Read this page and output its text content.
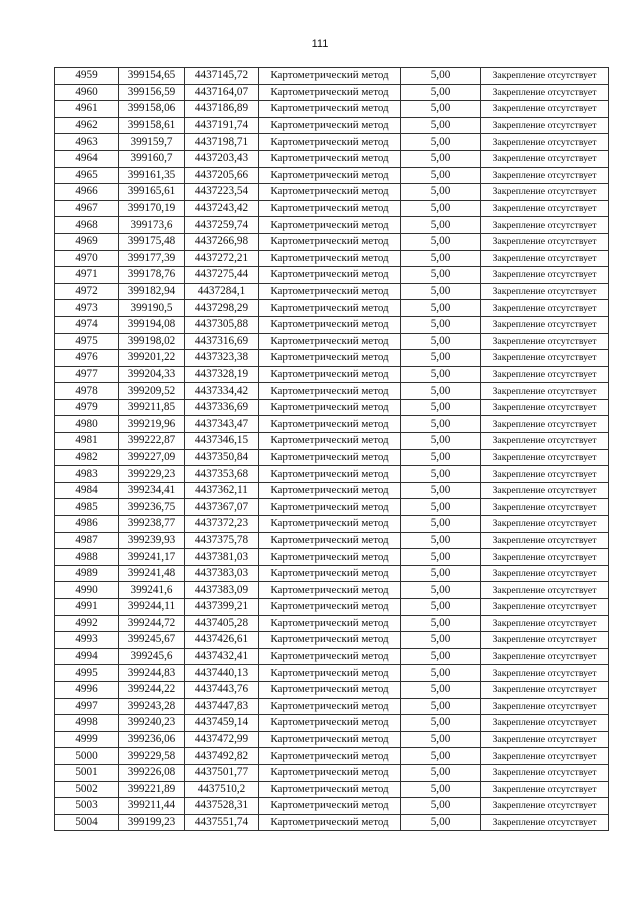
111
4959	399154,65	4437145,72	Картометрический метод	5,00	Закрепление отсутствует
4960	399156,59	4437164,07	Картометрический метод	5,00	Закрепление отсутствует
4961	399158,06	4437186,89	Картометрический метод	5,00	Закрепление отсутствует
4962	399158,61	4437191,74	Картометрический метод	5,00	Закрепление отсутствует
4963	399159,7	4437198,71	Картометрический метод	5,00	Закрепление отсутствует
4964	399160,7	4437203,43	Картометрический метод	5,00	Закрепление отсутствует
4965	399161,35	4437205,66	Картометрический метод	5,00	Закрепление отсутствует
4966	399165,61	4437223,54	Картометрический метод	5,00	Закрепление отсутствует
4967	399170,19	4437243,42	Картометрический метод	5,00	Закрепление отсутствует
4968	399173,6	4437259,74	Картометрический метод	5,00	Закрепление отсутствует
4969	399175,48	4437266,98	Картометрический метод	5,00	Закрепление отсутствует
4970	399177,39	4437272,21	Картометрический метод	5,00	Закрепление отсутствует
4971	399178,76	4437275,44	Картометрический метод	5,00	Закрепление отсутствует
4972	399182,94	4437284,1	Картометрический метод	5,00	Закрепление отсутствует
4973	399190,5	4437298,29	Картометрический метод	5,00	Закрепление отсутствует
4974	399194,08	4437305,88	Картометрический метод	5,00	Закрепление отсутствует
4975	399198,02	4437316,69	Картометрический метод	5,00	Закрепление отсутствует
4976	399201,22	4437323,38	Картометрический метод	5,00	Закрепление отсутствует
4977	399204,33	4437328,19	Картометрический метод	5,00	Закрепление отсутствует
4978	399209,52	4437334,42	Картометрический метод	5,00	Закрепление отсутствует
4979	399211,85	4437336,69	Картометрический метод	5,00	Закрепление отсутствует
4980	399219,96	4437343,47	Картометрический метод	5,00	Закрепление отсутствует
4981	399222,87	4437346,15	Картометрический метод	5,00	Закрепление отсутствует
4982	399227,09	4437350,84	Картометрический метод	5,00	Закрепление отсутствует
4983	399229,23	4437353,68	Картометрический метод	5,00	Закрепление отсутствует
4984	399234,41	4437362,11	Картометрический метод	5,00	Закрепление отсутствует
4985	399236,75	4437367,07	Картометрический метод	5,00	Закрепление отсутствует
4986	399238,77	4437372,23	Картометрический метод	5,00	Закрепление отсутствует
4987	399239,93	4437375,78	Картометрический метод	5,00	Закрепление отсутствует
4988	399241,17	4437381,03	Картометрический метод	5,00	Закрепление отсутствует
4989	399241,48	4437383,03	Картометрический метод	5,00	Закрепление отсутствует
4990	399241,6	4437383,09	Картометрический метод	5,00	Закрепление отсутствует
4991	399244,11	4437399,21	Картометрический метод	5,00	Закрепление отсутствует
4992	399244,72	4437405,28	Картометрический метод	5,00	Закрепление отсутствует
4993	399245,67	4437426,61	Картометрический метод	5,00	Закрепление отсутствует
4994	399245,6	4437432,41	Картометрический метод	5,00	Закрепление отсутствует
4995	399244,83	4437440,13	Картометрический метод	5,00	Закрепление отсутствует
4996	399244,22	4437443,76	Картометрический метод	5,00	Закрепление отсутствует
4997	399243,28	4437447,83	Картометрический метод	5,00	Закрепление отсутствует
4998	399240,23	4437459,14	Картометрический метод	5,00	Закрепление отсутствует
4999	399236,06	4437472,99	Картометрический метод	5,00	Закрепление отсутствует
5000	399229,58	4437492,82	Картометрический метод	5,00	Закрепление отсутствует
5001	399226,08	4437501,77	Картометрический метод	5,00	Закрепление отсутствует
5002	399221,89	4437510,2	Картометрический метод	5,00	Закрепление отсутствует
5003	399211,44	4437528,31	Картометрический метод	5,00	Закрепление отсутствует
5004	399199,23	4437551,74	Картометрический метод	5,00	Закрепление отсутствует
